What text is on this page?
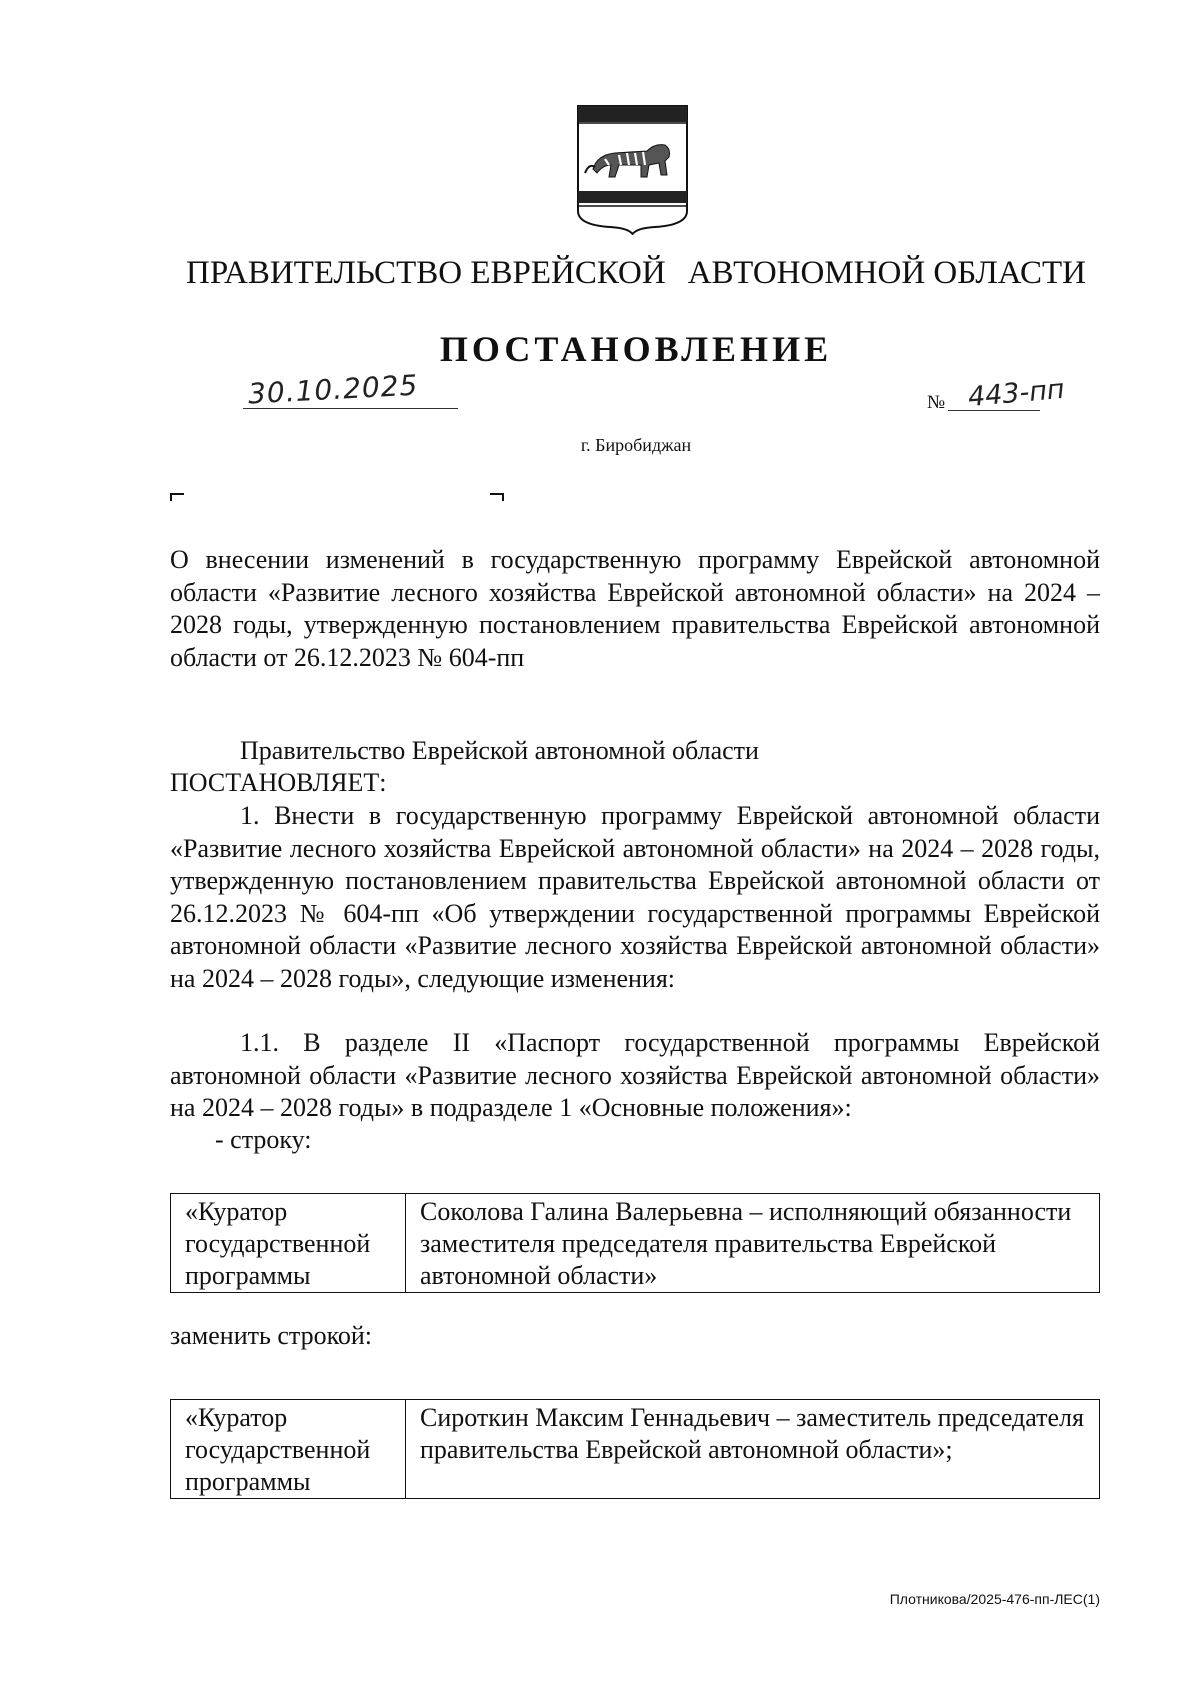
ПРАВИТЕЛЬСТВО ЕВРЕЙСКОЙ АВТОНОМНОЙ ОБЛАСТИ
ПОСТАНОВЛЕНИЕ
30.10.2025	№ 443-пп
г. Биробиджан
О внесении изменений в государственную программу Еврейской автономной области «Развитие лесного хозяйства Еврейской автономной области» на 2024 – 2028 годы, утвержденную постановлением правительства Еврейской автономной области от 26.12.2023 № 604-пп
Правительство Еврейской автономной области
ПОСТАНОВЛЯЕТ:
1. Внести в государственную программу Еврейской автономной области «Развитие лесного хозяйства Еврейской автономной области» на 2024 – 2028 годы, утвержденную постановлением правительства Еврейской автономной области от 26.12.2023 № 604-пп «Об утверждении государственной программы Еврейской автономной области «Развитие лесного хозяйства Еврейской автономной области» на 2024 – 2028 годы», следующие изменения:
1.1. В разделе II «Паспорт государственной программы Еврейской автономной области «Развитие лесного хозяйства Еврейской автономной области» на 2024 – 2028 годы» в подразделе 1 «Основные положения»:
- строку:
«Куратор государственной программы	Соколова Галина Валерьевна – исполняющий обязанности заместителя председателя правительства Еврейской автономной области»
заменить строкой:
«Куратор государственной программы	Сироткин Максим Геннадьевич – заместитель председателя правительства Еврейской автономной области»;
Плотникова/2025-476-пп-ЛЕС(1)
